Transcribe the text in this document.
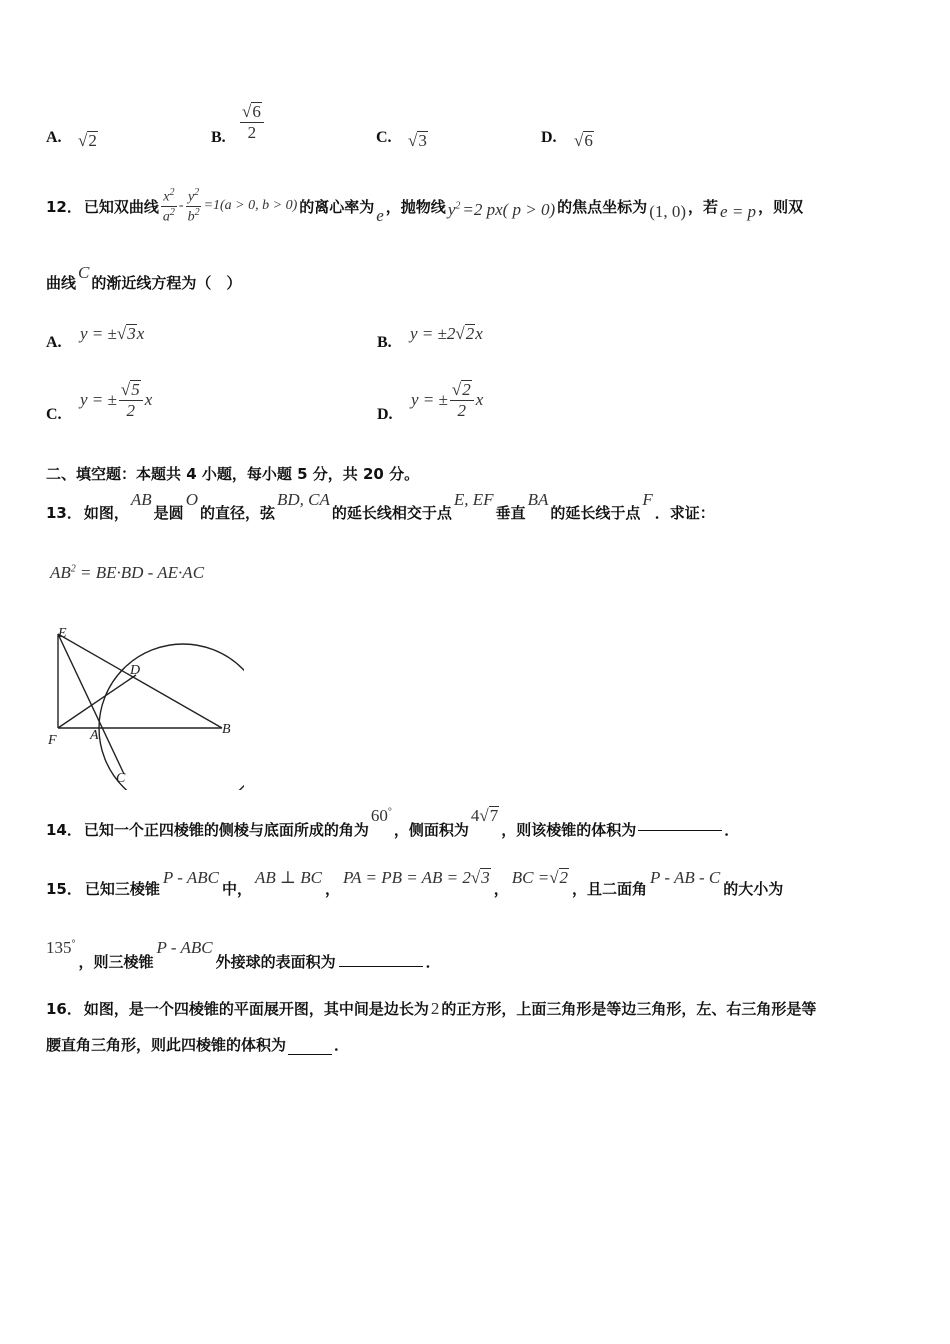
A. √2	B. $\frac{√6}{2}$	C. √3	D. √6
12． 已知双曲线 $\frac{x^2}{a^2} - \frac{y^2}{b^2} =1(a > 0$, b > 0) 的离心率为 e ，抛物线 $y^2 =2$ px( p > 0) 的焦点坐标为 (1, 0) ，若 e = p ，则双
曲线
C
的渐近线方程为（　）
A. y = ±√3x	B. y = ±2√2x
C.
y = ± $\frac{√5}{2}$ x
D.
y = ± $\frac{√2}{2}$ x
二、填空题：本题共 4 小题，每小题 5 分，共 20 分。
13． 如图，
AB
是圆
O
的直径，弦
BD, CA
的延长线相交于点
E, EF
垂直
BA
的延长线于点
F
．求证：
$AB^2 = BE\cdot BD - AE\cdot AC$
E
D
F A	B
C
14． 已知一个正四棱锥的侧棱与底面所成的角为
60°
，侧面积为
4√7
，则该棱锥的体积为	．
15． 已知三棱锥
P - ABC
中，
AB ⊥ BC
，
PA = PB = AB = 2√3
，
BC =√2
，且二面角
P - AB - C
的大小为
135°
，则三棱锥
P - ABC
外接球的表面积为	．
16． 如图，是一个四棱锥的平面展开图，其中间是边长为 2 的正方形，上面三角形是等边三角形，左、右三角形是等
腰直角三角形，则此四棱锥的体积为	．
